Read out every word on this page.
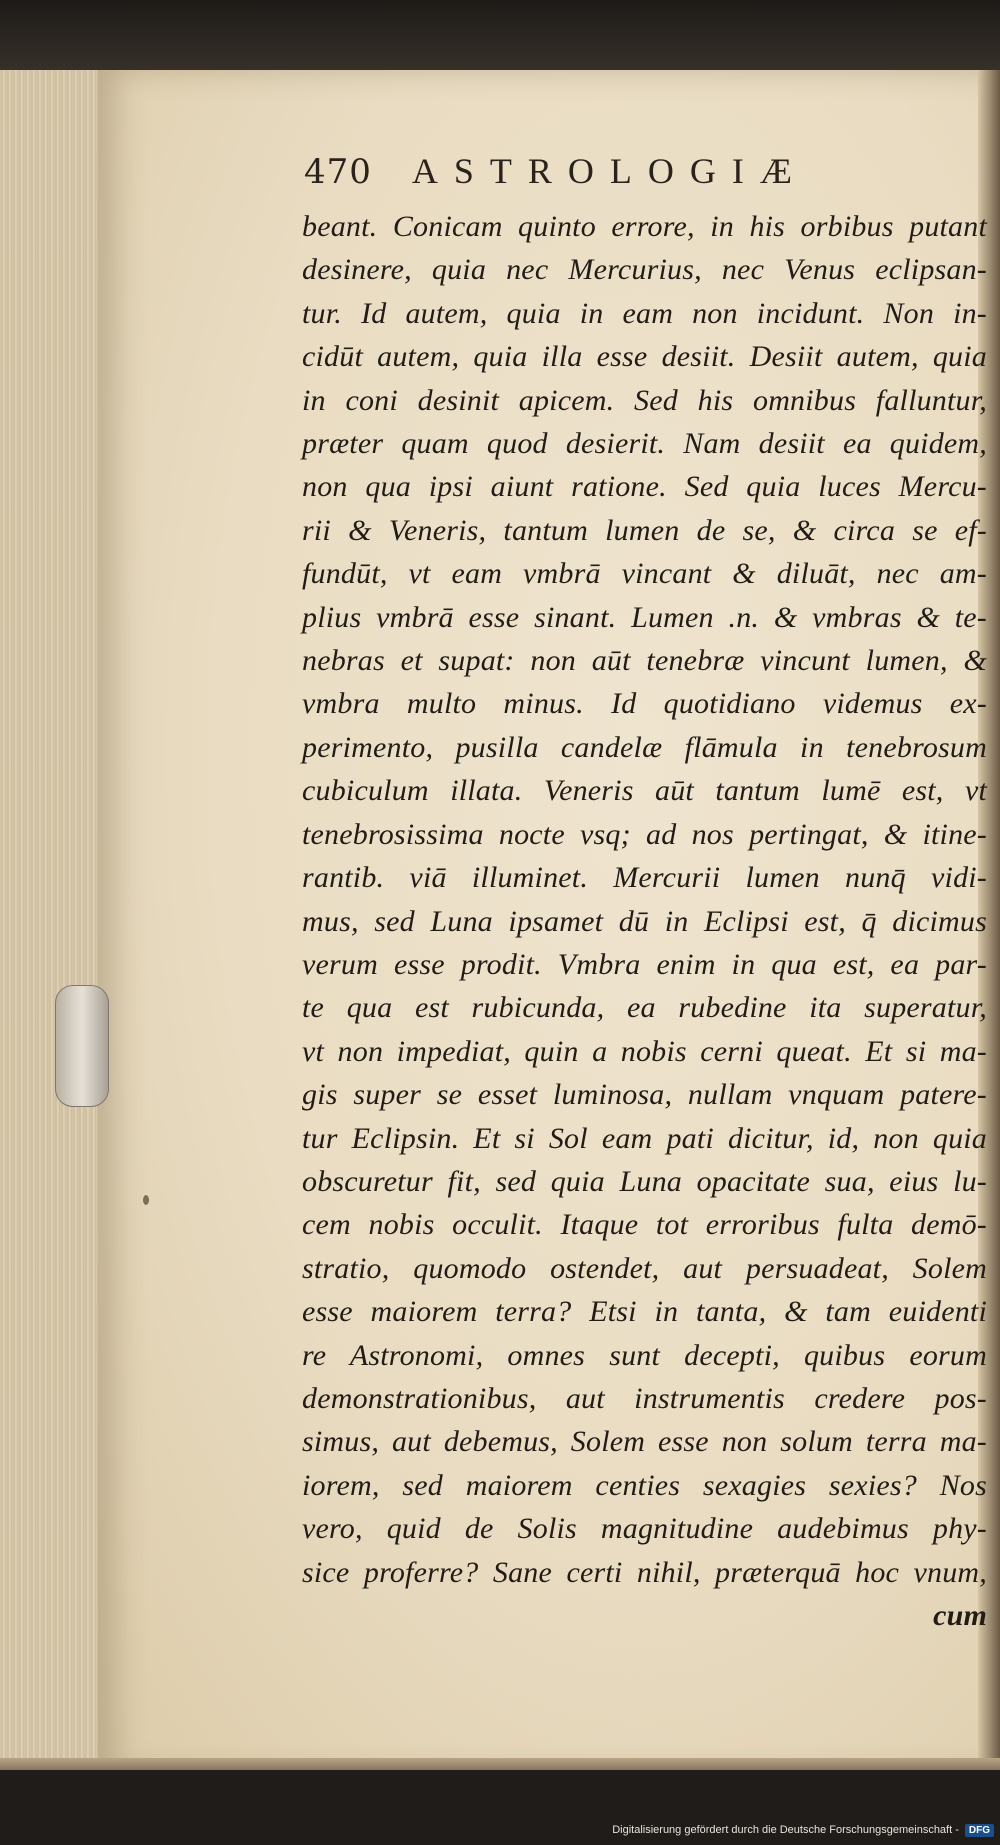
470 ASTROLOGIÆ
beant. Conicam quinto errore, in his orbibus putant
desinere, quia nec Mercurius, nec Venus eclipsan-
tur. Id autem, quia in eam non incidunt. Non in-
cidūt autem, quia illa esse desiit. Desiit autem, quia
in coni desinit apicem. Sed his omnibus falluntur,
præter quam quod desierit. Nam desiit ea quidem,
non qua ipsi aiunt ratione. Sed quia luces Mercu-
rii & Veneris, tantum lumen de se, & circa se ef-
fundūt, vt eam vmbrā vincant & diluāt, nec am-
plius vmbrā esse sinant. Lumen .n. & vmbras & te-
nebras et supat: non aūt tenebræ vincunt lumen, &
vmbra multo minus. Id quotidiano videmus ex-
perimento, pusilla candelæ flāmula in tenebrosum
cubiculum illata. Veneris aūt tantum lumē est, vt
tenebrosissima nocte vsq; ad nos pertingat, & itine-
rantib. viā illuminet. Mercurii lumen nunq̄ vidi-
mus, sed Luna ipsamet dū in Eclipsi est, q̄ dicimus
verum esse prodit. Vmbra enim in qua est, ea par-
te qua est rubicunda, ea rubedine ita superatur,
vt non impediat, quin a nobis cerni queat. Et si ma-
gis super se esset luminosa, nullam vnquam patere-
tur Eclipsin. Et si Sol eam pati dicitur, id, non quia
obscuretur fit, sed quia Luna opacitate sua, eius lu-
cem nobis occulit. Itaque tot erroribus fulta demō-
stratio, quomodo ostendet, aut persuadeat, Solem
esse maiorem terra? Etsi in tanta, & tam euidenti
re Astronomi, omnes sunt decepti, quibus eorum
demonstrationibus, aut instrumentis credere pos-
simus, aut debemus, Solem esse non solum terra ma-
iorem, sed maiorem centies sexagies sexies? Nos
vero, quid de Solis magnitudine audebimus phy-
sice proferre? Sane certi nihil, præterquā hoc vnum,
cum
Digitalisierung gefördert durch die Deutsche Forschungsgemeinschaft -	DFG
